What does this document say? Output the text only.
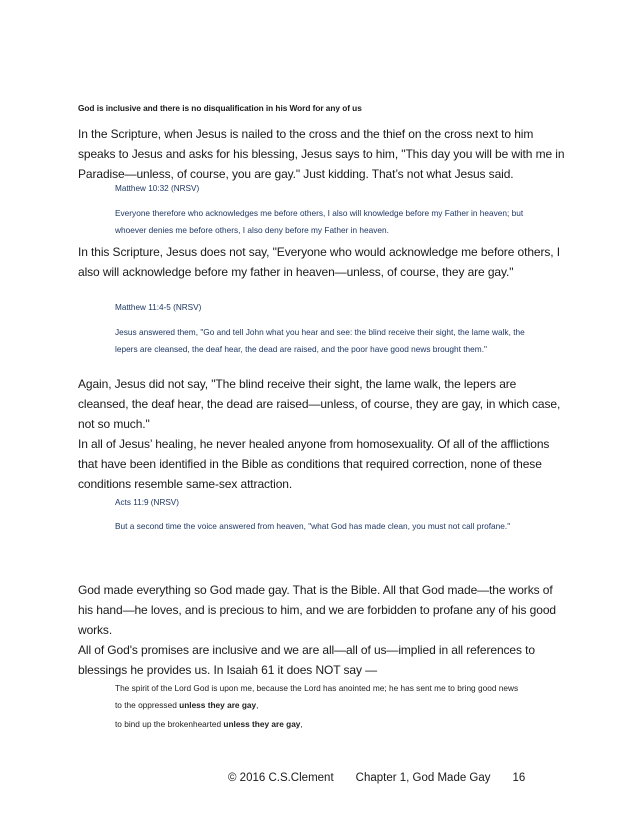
God is inclusive and there is no disqualification in his Word for any of us

In the Scripture, when Jesus is nailed to the cross and the thief on the cross next to him speaks to Jesus and asks for his blessing, Jesus says to him, "This day you will be with me in Paradise—unless, of course, you are gay." Just kidding. That’s not what Jesus said.

Matthew 10:32 (NRSV)

Everyone therefore who acknowledges me before others, I also will knowledge before my Father in heaven; but whoever denies me before others, I also deny before my Father in heaven.

In this Scripture, Jesus does not say, "Everyone who would acknowledge me before others, I also will acknowledge before my father in heaven—unless, of course, they are gay."

Matthew 11:4-5 (NRSV)

Jesus answered them, "Go and tell John what you hear and see: the blind receive their sight, the lame walk, the lepers are cleansed, the deaf hear, the dead are raised, and the poor have good news brought them."

Again, Jesus did not say, "The blind receive their sight, the lame walk, the lepers are cleansed, the deaf hear, the dead are raised—unless, of course, they are gay, in which case, not so much."

In all of Jesus’ healing, he never healed anyone from homosexuality. Of all of the afflictions that have been identified in the Bible as conditions that required correction, none of these conditions resemble same-sex attraction.

Acts 11:9 (NRSV)

But a second time the voice answered from heaven, "what God has made clean, you must not call profane."

God made everything so God made gay. That is the Bible. All that God made—the works of his hand—he loves, and is precious to him, and we are forbidden to profane any of his good works.

All of God's promises are inclusive and we are all—all of us—implied in all references to blessings he provides us. In Isaiah 61 it does NOT say —

The spirit of the Lord God is upon me, because the Lord has anointed me; he has sent me to bring good news to the oppressed unless they are gay,

to bind up the brokenhearted unless they are gay,

© 2016 C.S.Clement Chapter 1, God Made Gay 16
